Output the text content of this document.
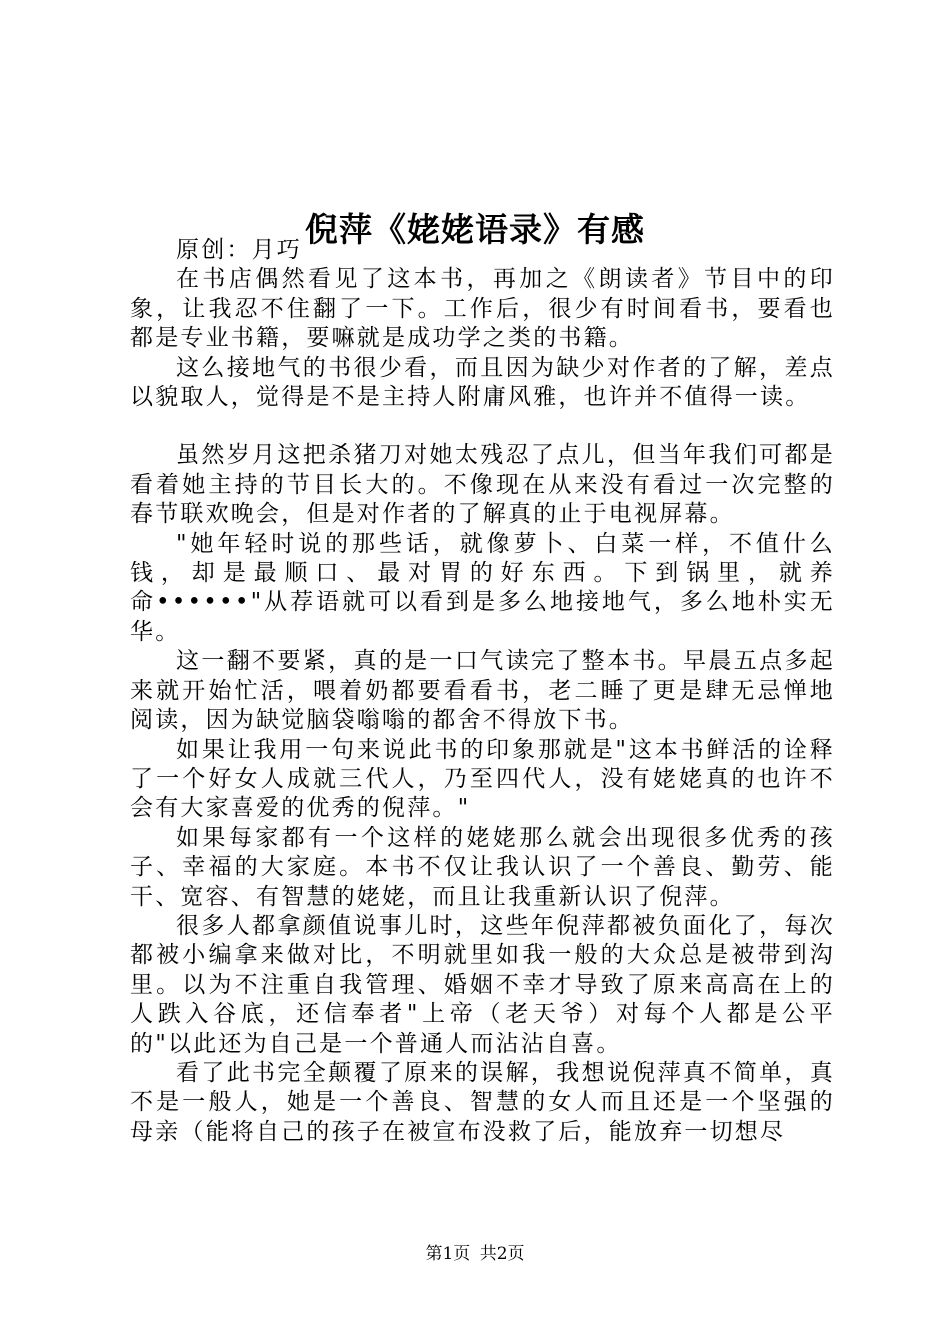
倪萍《姥姥语录》有感

原创：月巧

在书店偶然看见了这本书，再加之《朗读者》节目中的印象，让我忍不住翻了一下。工作后，很少有时间看书，要看也都是专业书籍，要嘛就是成功学之类的书籍。

这么接地气的书很少看，而且因为缺少对作者的了解，差点以貌取人，觉得是不是主持人附庸风雅，也许并不值得一读。

虽然岁月这把杀猪刀对她太残忍了点儿，但当年我们可都是看着她主持的节目长大的。不像现在从来没有看过一次完整的春节联欢晚会，但是对作者的了解真的止于电视屏幕。

"她年轻时说的那些话，就像萝卜、白菜一样，不值什么钱，却是最顺口、最对胃的好东西。下到锅里，就养

命••••••"从荐语就可以看到是多么地接地气，多么地朴实无华。

这一翻不要紧，真的是一口气读完了整本书。早晨五点多起来就开始忙活，喂着奶都要看看书，老二睡了更是肆无忌惮地阅读，因为缺觉脑袋嗡嗡的都舍不得放下书。

如果让我用一句来说此书的印象那就是"这本书鲜活的诠释了一个好女人成就三代人，乃至四代人，没有姥姥真的也许不会有大家喜爱的优秀的倪萍。"

如果每家都有一个这样的姥姥那么就会出现很多优秀的孩子、幸福的大家庭。本书不仅让我认识了一个善良、勤劳、能干、宽容、有智慧的姥姥，而且让我重新认识了倪萍。

很多人都拿颜值说事儿时，这些年倪萍都被负面化了，每次都被小编拿来做对比，不明就里如我一般的大众总是被带到沟里。以为不注重自我管理、婚姻不幸才导致了原来高高在上的人跌入谷底，还信奉者"上帝（老天爷）对每个人都是公平的"以此还为自己是一个普通人而沾沾自喜。

看了此书完全颠覆了原来的误解，我想说倪萍真不简单，真不是一般人，她是一个善良、智慧的女人而且还是一个坚强的母亲（能将自己的孩子在被宣布没救了后，能放弃一切想尽

第1页 共2页
